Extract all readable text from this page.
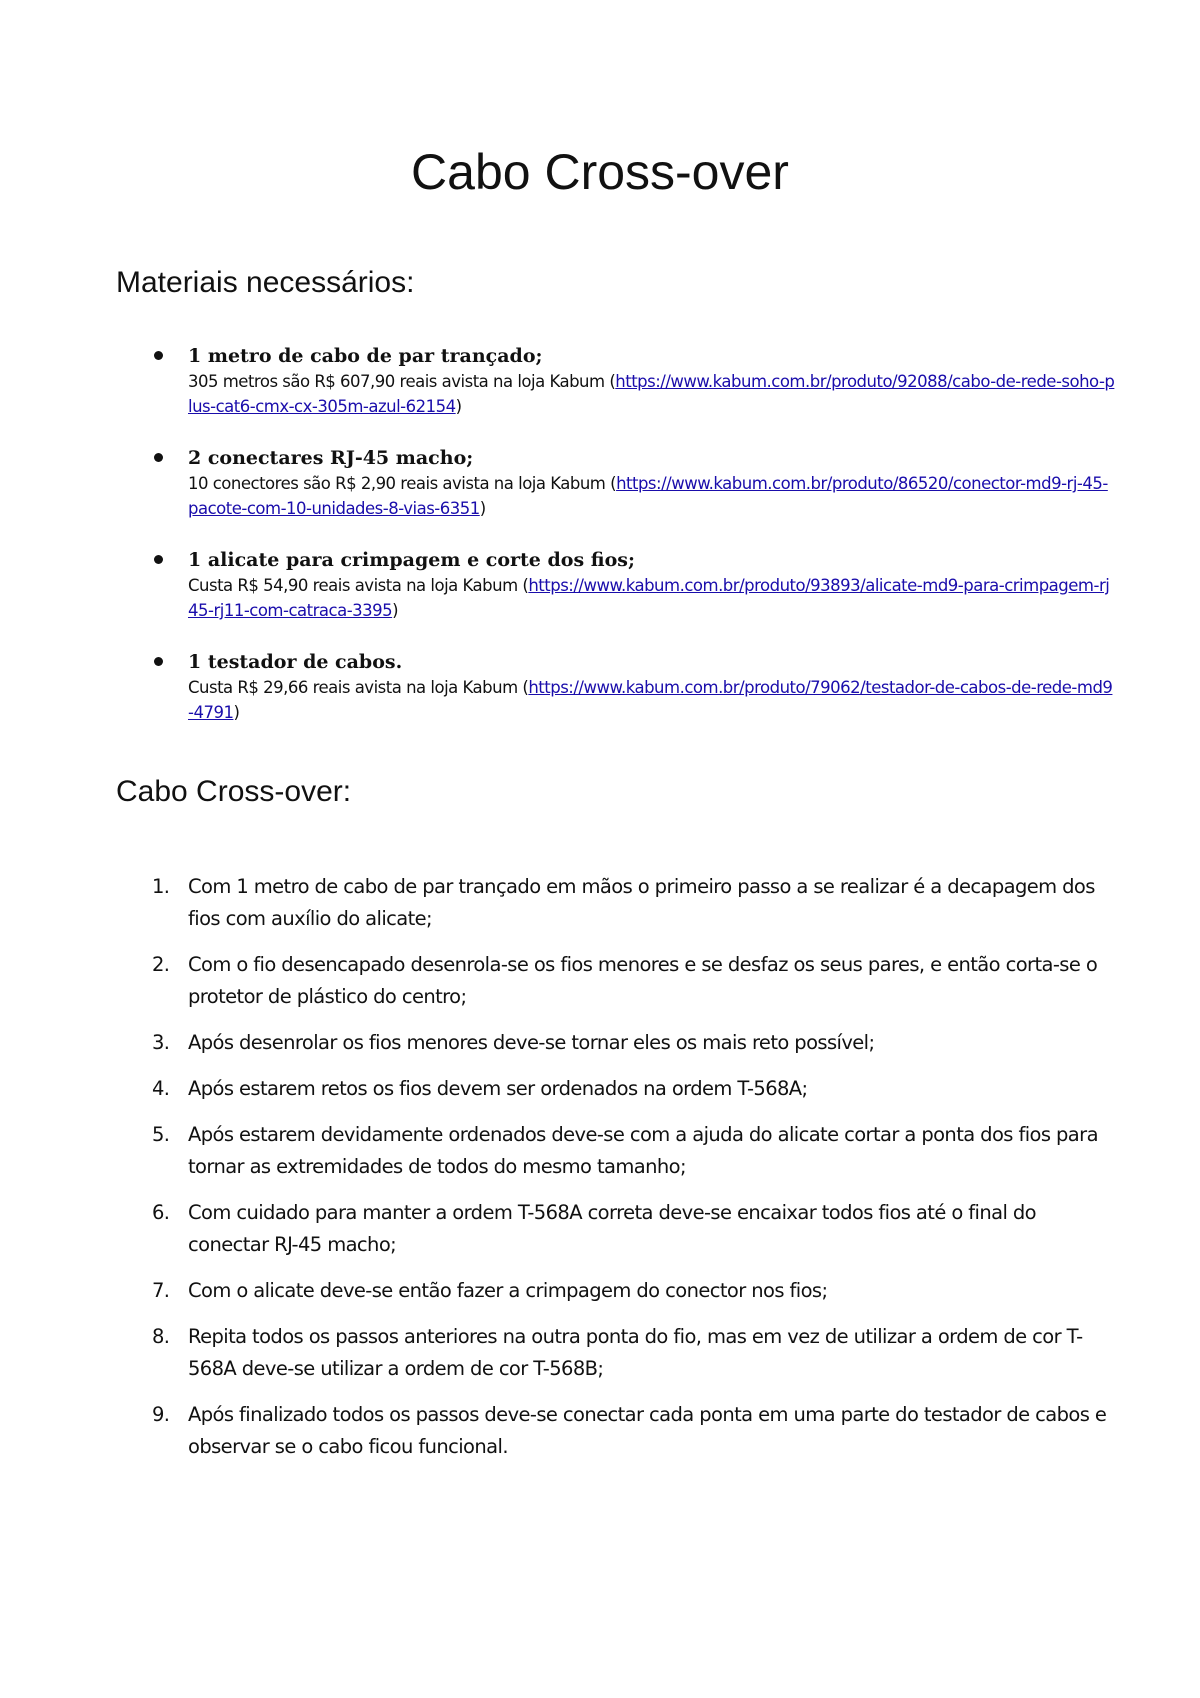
Cabo Cross-over
Materiais necessários:
1 metro de cabo de par trançado;
305 metros são R$ 607,90 reais avista na loja Kabum (https://www.kabum.com.br/produto/92088/cabo-de-rede-soho-plus-cat6-cmx-cx-305m-azul-62154)
2 conectares RJ-45 macho;
10 conectores são R$ 2,90 reais avista na loja Kabum (https://www.kabum.com.br/produto/86520/conector-md9-rj-45-pacote-com-10-unidades-8-vias-6351)
1 alicate para crimpagem e corte dos fios;
Custa R$ 54,90 reais avista na loja Kabum (https://www.kabum.com.br/produto/93893/alicate-md9-para-crimpagem-rj45-rj11-com-catraca-3395)
1 testador de cabos.
Custa R$ 29,66 reais avista na loja Kabum (https://www.kabum.com.br/produto/79062/testador-de-cabos-de-rede-md9-4791)
Cabo Cross-over:
1. Com 1 metro de cabo de par trançado em mãos o primeiro passo a se realizar é a decapagem dos fios com auxílio do alicate;
2. Com o fio desencapado desenrola-se os fios menores e se desfaz os seus pares, e então corta-se o protetor de plástico do centro;
3. Após desenrolar os fios menores deve-se tornar eles os mais reto possível;
4. Após estarem retos os fios devem ser ordenados na ordem T-568A;
5. Após estarem devidamente ordenados deve-se com a ajuda do alicate cortar a ponta dos fios para tornar as extremidades de todos do mesmo tamanho;
6. Com cuidado para manter a ordem T-568A correta deve-se encaixar todos fios até o final do conectar RJ-45 macho;
7. Com o alicate deve-se então fazer a crimpagem do conector nos fios;
8. Repita todos os passos anteriores na outra ponta do fio, mas em vez de utilizar a ordem de cor T-568A deve-se utilizar a ordem de cor T-568B;
9. Após finalizado todos os passos deve-se conectar cada ponta em uma parte do testador de cabos e observar se o cabo ficou funcional.
